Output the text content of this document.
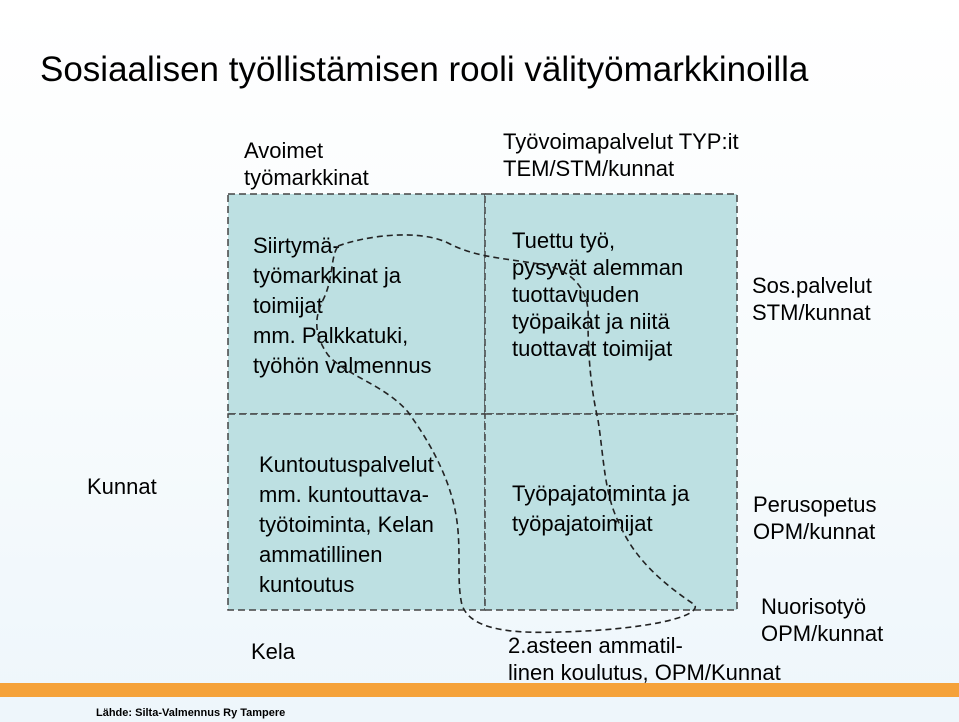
Sosiaalisen työllistämisen rooli välityömarkkinoilla
Avoimet
työmarkkinat
Työvoimapalvelut TYP:it
TEM/STM/kunnat
Sos.palvelut
STM/kunnat
Kunnat
Kela
Perusopetus
OPM/kunnat
Nuorisotyö
OPM/kunnat
2.asteen ammatil-
linen koulutus, OPM/Kunnat
Siirtymä-
työmarkkinat ja
toimijat
mm. Palkkatuki,
työhön valmennus
Tuettu työ,
pysyvät alemman
tuottavuuden
työpaikat ja niitä
tuottavat toimijat
Kuntoutuspalvelut
mm. kuntouttava-
työtoiminta, Kelan
ammatillinen
kuntoutus
Työpajatoiminta ja
työpajatoimijat
Lähde: Silta-Valmennus Ry Tampere
